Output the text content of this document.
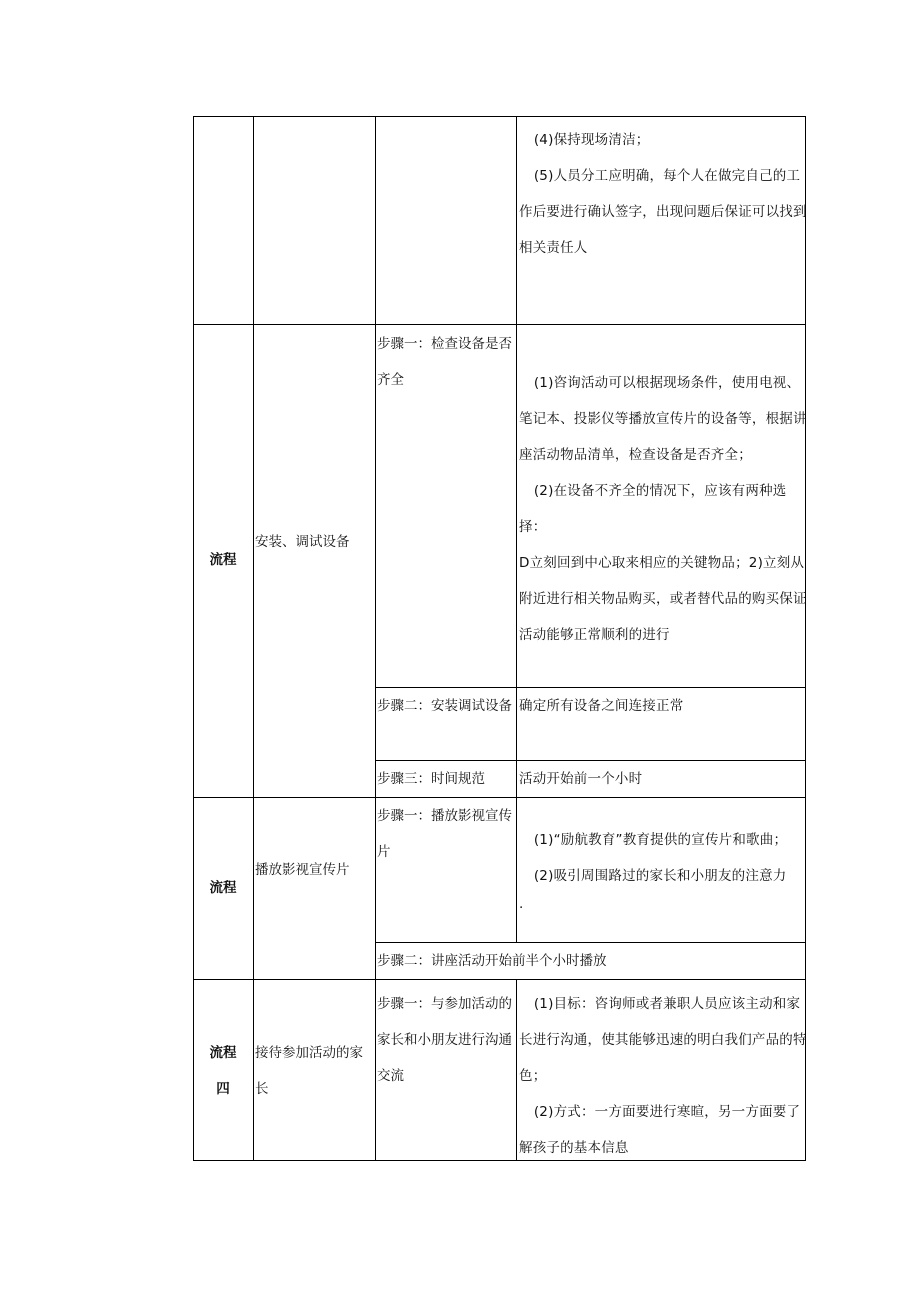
(4)保持现场清洁；

(5)人员分工应明确，每个人在做完自己的工作后要进行确认签字，出现问题后保证可以找到相关责任人

流程
安装、调试设备
步骤一：检查设备是否齐全	(1)咨询活动可以根据现场条件，使用电视、笔记本、投影仪等播放宣传片的设备等，根据讲座活动物品清单，检查设备是否齐全；

(2)在设备不齐全的情况下，应该有两种选择：

D立刻回到中心取来相应的关键物品；2)立刻从附近进行相关物品购买，或者替代品的购买保证活动能够正常顺利的进行

步骤二：安装调试设备 确定所有设备之间连接正常
步骤三：时间规范	活动开始前一个小时
流程
播放影视宣传片
步骤一：播放影视宣传片

(1)“励航教育”教育提供的宣传片和歌曲；

(2)吸引周围路过的家长和小朋友的注意力

.

步骤二：讲座活动开始前半个小时播放

流程

四

接待参加活动的家长
步骤一：与参加活动的家长和小朋友进行沟通交流

(1)目标：咨询师或者兼职人员应该主动和家长进行沟通，使其能够迅速的明白我们产品的特色；

(2)方式：一方面要进行寒暄，另一方面要了解孩子的基本信息
